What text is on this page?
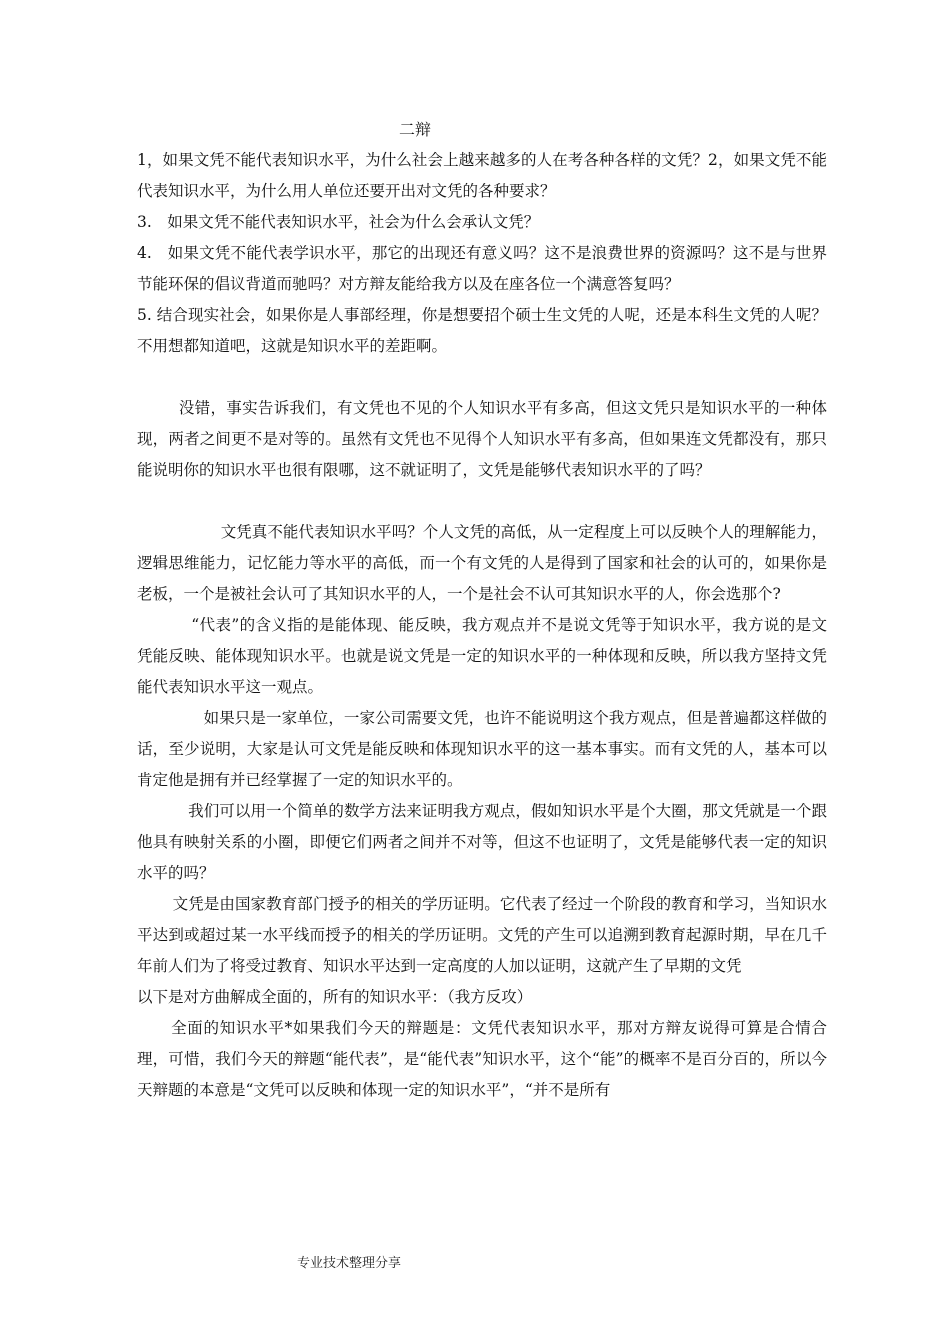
二辩

1，如果文凭不能代表知识水平，为什么社会上越来越多的人在考各种各样的文凭？2，如果文凭不能代表知识水平，为什么用人单位还要开出对文凭的各种要求？

3.　如果文凭不能代表知识水平，社会为什么会承认文凭？

4.　如果文凭不能代表学识水平，那它的出现还有意义吗？这不是浪费世界的资源吗？这不是与世界节能环保的倡议背道而驰吗？对方辩友能给我方以及在座各位一个满意答复吗？

5. 结合现实社会，如果你是人事部经理，你是想要招个硕士生文凭的人呢，还是本科生文凭的人呢？不用想都知道吧，这就是知识水平的差距啊。

没错，事实告诉我们，有文凭也不见的个人知识水平有多高，但这文凭只是知识水平的一种体现，两者之间更不是对等的。虽然有文凭也不见得个人知识水平有多高，但如果连文凭都没有，那只能说明你的知识水平也很有限哪，这不就证明了，文凭是能够代表知识水平的了吗？

文凭真不能代表知识水平吗？个人文凭的高低，从一定程度上可以反映个人的理解能力，逻辑思维能力，记忆能力等水平的高低，而一个有文凭的人是得到了国家和社会的认可的，如果你是老板，一个是被社会认可了其知识水平的人，一个是社会不认可其知识水平的人，你会选那个?

“代表”的含义指的是能体现、能反映，我方观点并不是说文凭等于知识水平，我方说的是文凭能反映、能体现知识水平。也就是说文凭是一定的知识水平的一种体现和反映，所以我方坚持文凭能代表知识水平这一观点。

如果只是一家单位，一家公司需要文凭，也许不能说明这个我方观点，但是普遍都这样做的话，至少说明，大家是认可文凭是能反映和体现知识水平的这一基本事实。而有文凭的人，基本可以肯定他是拥有并已经掌握了一定的知识水平的。

我们可以用一个简单的数学方法来证明我方观点，假如知识水平是个大圈，那文凭就是一个跟他具有映射关系的小圈，即便它们两者之间并不对等，但这不也证明了，文凭是能够代表一定的知识水平的吗？

文凭是由国家教育部门授予的相关的学历证明。它代表了经过一个阶段的教育和学习，当知识水平达到或超过某一水平线而授予的相关的学历证明。文凭的产生可以追溯到教育起源时期，早在几千年前人们为了将受过教育、知识水平达到一定高度的人加以证明，这就产生了早期的文凭

以下是对方曲解成全面的，所有的知识水平：（我方反攻）

全面的知识水平*如果我们今天的辩题是：文凭代表知识水平，那对方辩友说得可算是合情合理，可惜，我们今天的辩题“能代表”，是“能代表”知识水平，这个“能”的概率不是百分百的，所以今天辩题的本意是“文凭可以反映和体现一定的知识水平”，“并不是所有

专业技术整理分享
